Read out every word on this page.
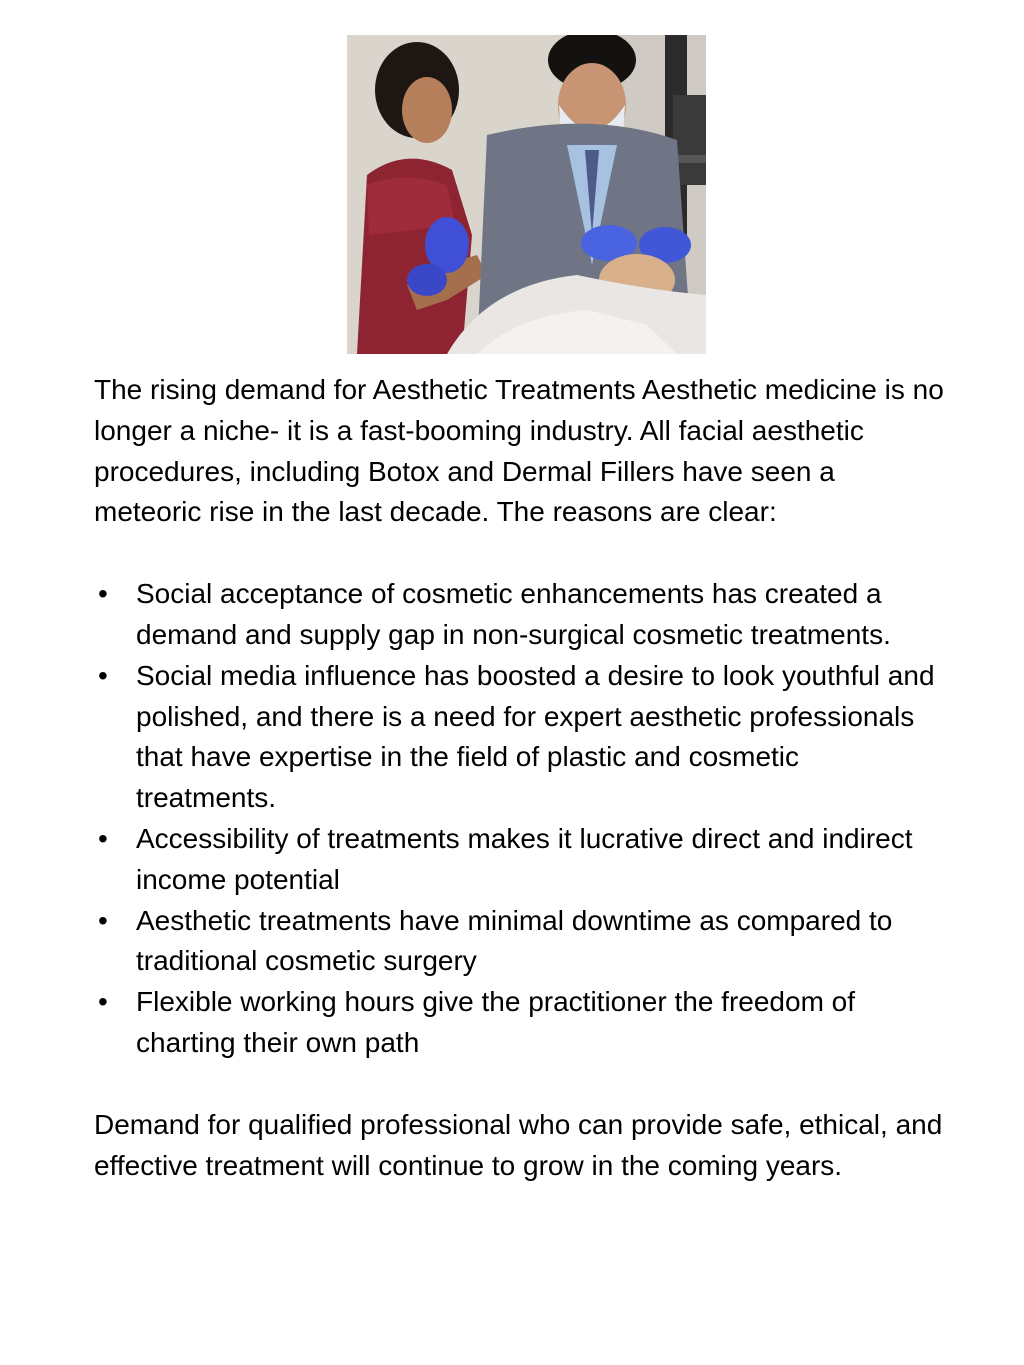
The rising demand for Aesthetic Treatments Aesthetic medicine is no longer a niche- it is a fast-booming industry. All facial aesthetic procedures, including Botox and Dermal Fillers have seen a meteoric rise in the last decade. The reasons are clear:

• Social acceptance of cosmetic enhancements has created a demand and supply gap in non-surgical cosmetic treatments.
• Social media influence has boosted a desire to look youthful and polished, and there is a need for expert aesthetic professionals that have expertise in the field of plastic and cosmetic treatments.
• Accessibility of treatments makes it lucrative direct and indirect income potential
• Aesthetic treatments have minimal downtime as compared to traditional cosmetic surgery
• Flexible working hours give the practitioner the freedom of charting their own path

Demand for qualified professional who can provide safe, ethical, and effective treatment will continue to grow in the coming years.
